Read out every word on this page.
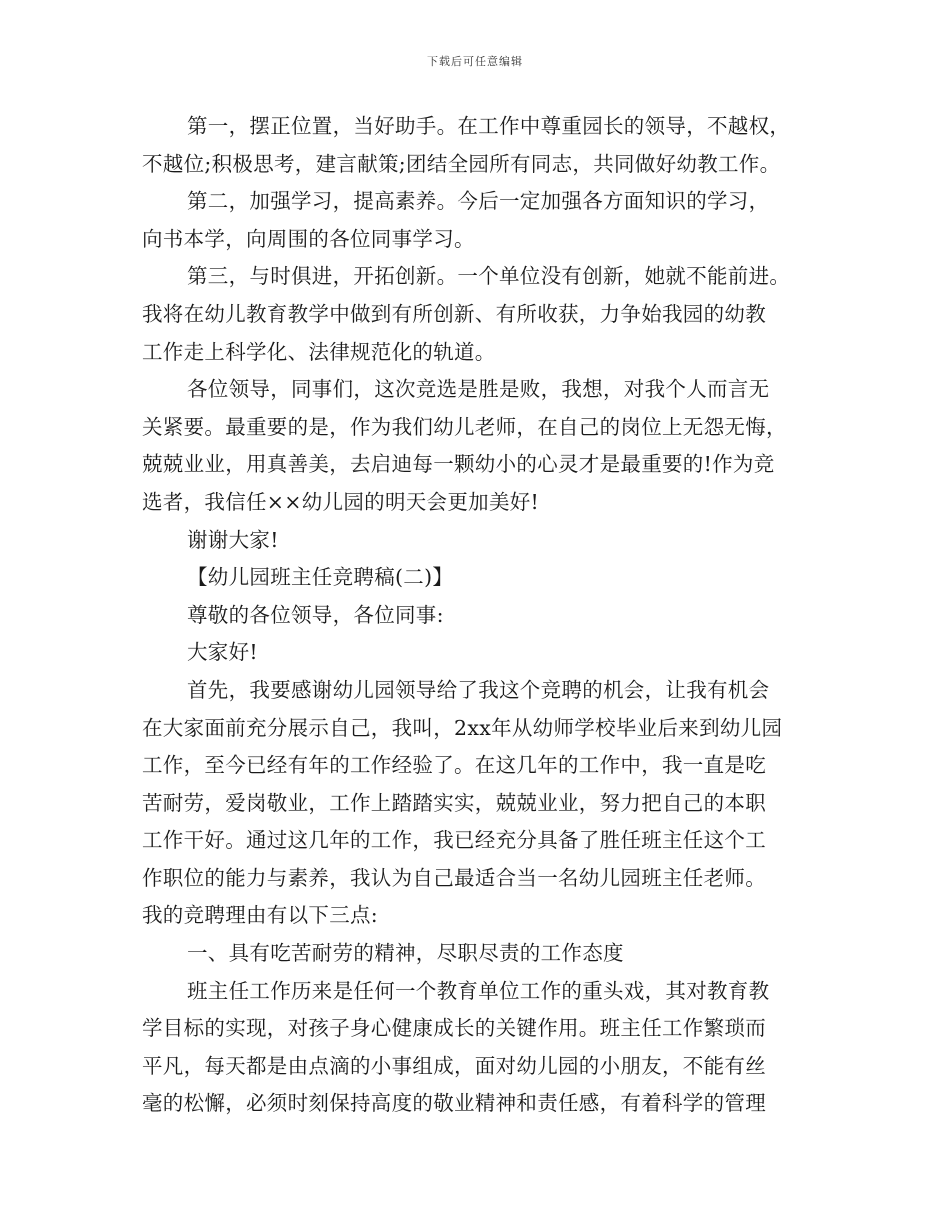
下载后可任意编辑
第一，摆正位置，当好助手。在工作中尊重园长的领导，不越权，
不越位;积极思考，建言献策;团结全园所有同志，共同做好幼教工作。
第二，加强学习，提高素养。今后一定加强各方面知识的学习，
向书本学，向周围的各位同事学习。
第三，与时俱进，开拓创新。一个单位没有创新，她就不能前进。
我将在幼儿教育教学中做到有所创新、有所收获，力争始我园的幼教
工作走上科学化、法律规范化的轨道。
各位领导，同事们，这次竞选是胜是败，我想，对我个人而言无
关紧要。最重要的是，作为我们幼儿老师，在自己的岗位上无怨无悔，
兢兢业业，用真善美，去启迪每一颗幼小的心灵才是最重要的!作为竞
选者，我信任××幼儿园的明天会更加美好!
谢谢大家!
【幼儿园班主任竞聘稿(二)】
尊敬的各位领导，各位同事:
大家好!
首先，我要感谢幼儿园领导给了我这个竞聘的机会，让我有机会
在大家面前充分展示自己，我叫，2xx年从幼师学校毕业后来到幼儿园
工作，至今已经有年的工作经验了。在这几年的工作中，我一直是吃
苦耐劳，爱岗敬业，工作上踏踏实实，兢兢业业，努力把自己的本职
工作干好。通过这几年的工作，我已经充分具备了胜任班主任这个工
作职位的能力与素养，我认为自己最适合当一名幼儿园班主任老师。
我的竞聘理由有以下三点:
一、具有吃苦耐劳的精神，尽职尽责的工作态度
班主任工作历来是任何一个教育单位工作的重头戏，其对教育教
学目标的实现，对孩子身心健康成长的关键作用。班主任工作繁琐而
平凡，每天都是由点滴的小事组成，面对幼儿园的小朋友，不能有丝
毫的松懈，必须时刻保持高度的敬业精神和责任感，有着科学的管理
